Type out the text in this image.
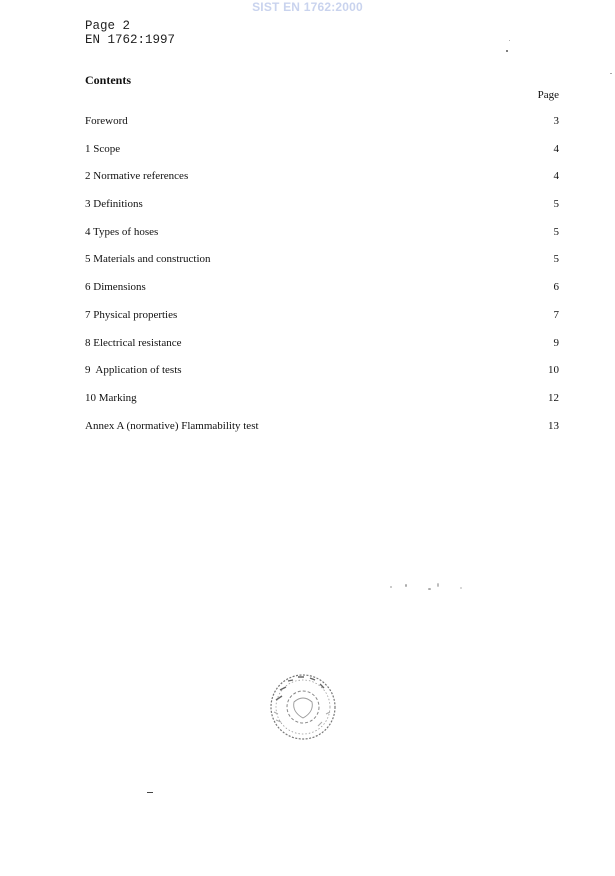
SIST EN 1762:2000
Page 2
EN 1762:1997
Contents
Page
Foreword	3
1 Scope	4
2 Normative references	4
3 Definitions	5
4 Types of hoses	5
5 Materials and construction	5
6 Dimensions	6
7 Physical properties	7
8 Electrical resistance	9
9  Application of tests	10
10 Marking	12
Annex A (normative) Flammability test	13
